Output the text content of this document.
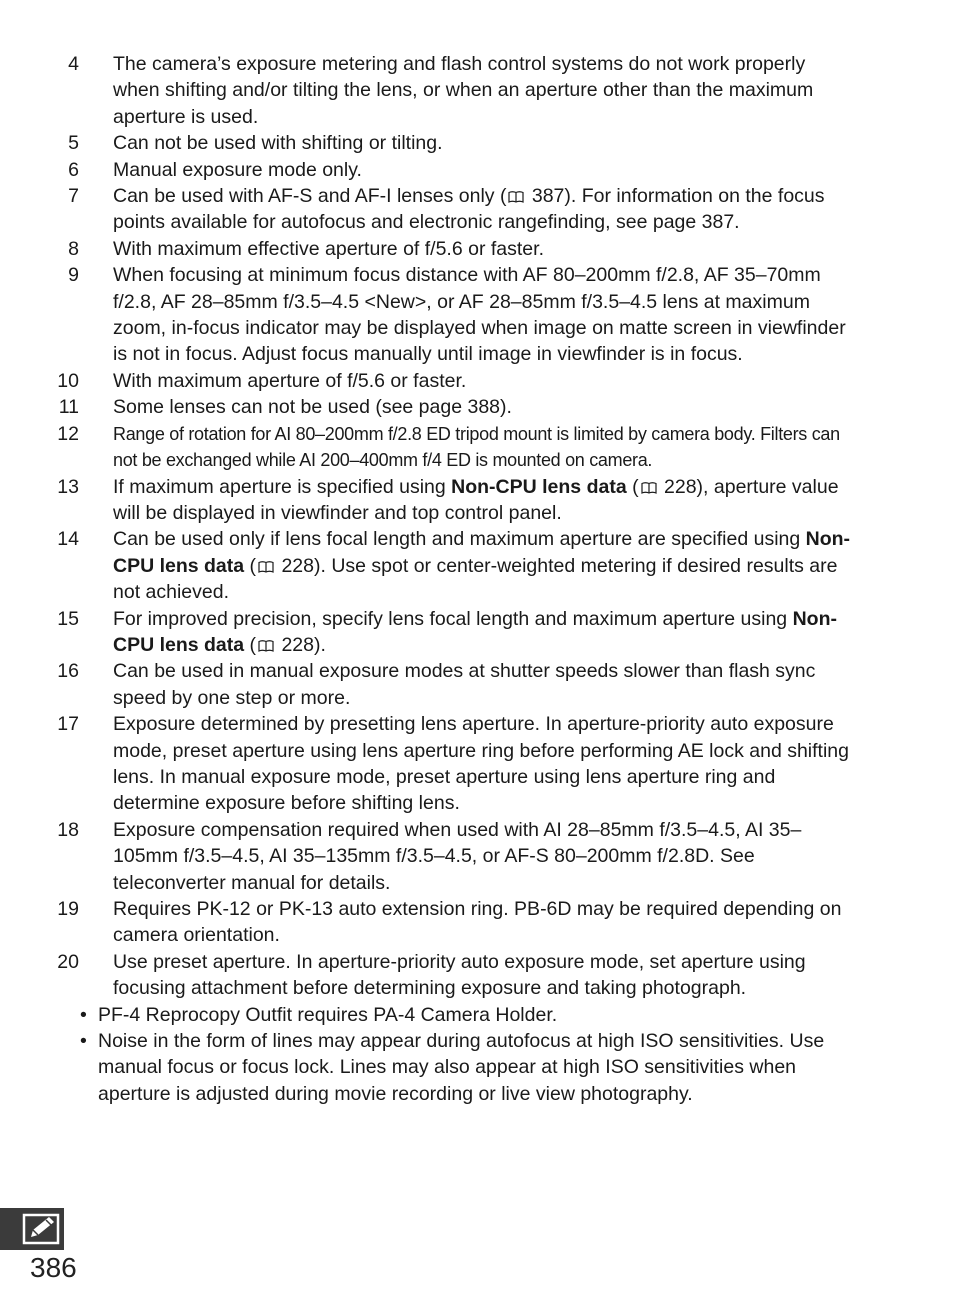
4 The camera’s exposure metering and flash control systems do not work properly when shifting and/or tilting the lens, or when an aperture other than the maximum aperture is used.
5 Can not be used with shifting or tilting.
6 Manual exposure mode only.
7 Can be used with AF-S and AF-I lenses only ( 387). For information on the focus points available for autofocus and electronic rangefinding, see page 387.
8 With maximum effective aperture of f/5.6 or faster.
9 When focusing at minimum focus distance with AF 80–200mm f/2.8, AF 35–70mm f/2.8, AF 28–85mm f/3.5–4.5 <New>, or AF 28–85mm f/3.5–4.5 lens at maximum zoom, in-focus indicator may be displayed when image on matte screen in viewfinder is not in focus. Adjust focus manually until image in viewfinder is in focus.
10 With maximum aperture of f/5.6 or faster.
11 Some lenses can not be used (see page 388).
12 Range of rotation for AI 80–200mm f/2.8 ED tripod mount is limited by camera body. Filters can not be exchanged while AI 200–400mm f/4 ED is mounted on camera.
13 If maximum aperture is specified using Non-CPU lens data ( 228), aperture value will be displayed in viewfinder and top control panel.
14 Can be used only if lens focal length and maximum aperture are specified using Non-CPU lens data ( 228). Use spot or center-weighted metering if desired results are not achieved.
15 For improved precision, specify lens focal length and maximum aperture using Non-CPU lens data ( 228).
16 Can be used in manual exposure modes at shutter speeds slower than flash sync speed by one step or more.
17 Exposure determined by presetting lens aperture. In aperture-priority auto exposure mode, preset aperture using lens aperture ring before performing AE lock and shifting lens. In manual exposure mode, preset aperture using lens aperture ring and determine exposure before shifting lens.
18 Exposure compensation required when used with AI 28–85mm f/3.5–4.5, AI 35–105mm f/3.5–4.5, AI 35–135mm f/3.5–4.5, or AF-S 80–200mm f/2.8D. See teleconverter manual for details.
19 Requires PK-12 or PK-13 auto extension ring. PB-6D may be required depending on camera orientation.
20 Use preset aperture. In aperture-priority auto exposure mode, set aperture using focusing attachment before determining exposure and taking photograph.
• PF-4 Reprocopy Outfit requires PA-4 Camera Holder.
• Noise in the form of lines may appear during autofocus at high ISO sensitivities. Use manual focus or focus lock. Lines may also appear at high ISO sensitivities when aperture is adjusted during movie recording or live view photography.
386
